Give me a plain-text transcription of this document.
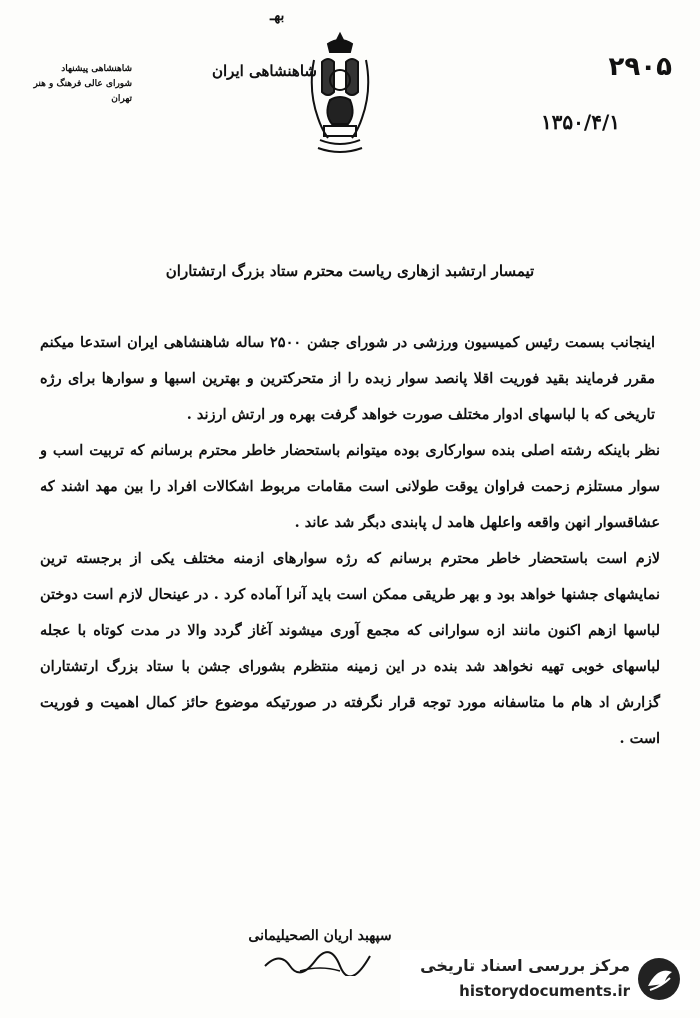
بهـ
شاهنشاهی پیشنهاد
شورای عالی فرهنگ و هنر
تهران
شاهنشاهی ایران	۲۹۰۵
۱۳۵۰/۴/۱
تیمسار ارتشبد ازهاری ریاست محترم ستاد بزرگ ارتشتاران

اینجانب بسمت رئیس کمیسیون ورزشی در شورای جشن ۲۵۰۰ ساله شاهنشاهی ایران استدعا میکنم مقرر فرمایند بقید فوریت اقلا پانصد سوار زبده را از متحرکترین و بهترین اسبها و سوارها برای رژه تاریخی که با لباسهای ادوار مختلف صورت خواهد گرفت بهره ور ارتش ارزند .

نظر باینکه رشته اصلی بنده سوارکاری بوده میتوانم باستحضار خاطر محترم برسانم که تربیت اسب و سوار مستلزم زحمت فراوان یوقت طولانی است مقامات مربوط اشکالات افراد را بین مهد اشند که عشاقسوار انهن واقعه واعلهل هامد ل پابندی دبگر شد عاند .

لازم است باستحضار خاطر محترم برسانم که رژه سوارهای ازمنه مختلف یکی از برجسته ترین نمایشهای جشنها خواهد بود و بهر طریقی ممکن است باید آنرا آماده کرد . در عینحال لازم است دوختن لباسها ازهم اکنون مانند ازه سوارانی که مجمع آوری میشوند آغاز گردد والا در مدت کوتاه با عجله لباسهای خوبی تهیه نخواهد شد بنده در این زمینه منتظرم بشورای جشن با ستاد بزرگ ارتشتاران گزارش اد هام ما متاسفانه مورد توجه قرار نگرفته در صورتیکه موضوع حائز کمال اهمیت و فوریت است .

سپهبد اریان الصحیلیمانی
مرکز بررسی اسناد تاریخی
historydocuments.ir
